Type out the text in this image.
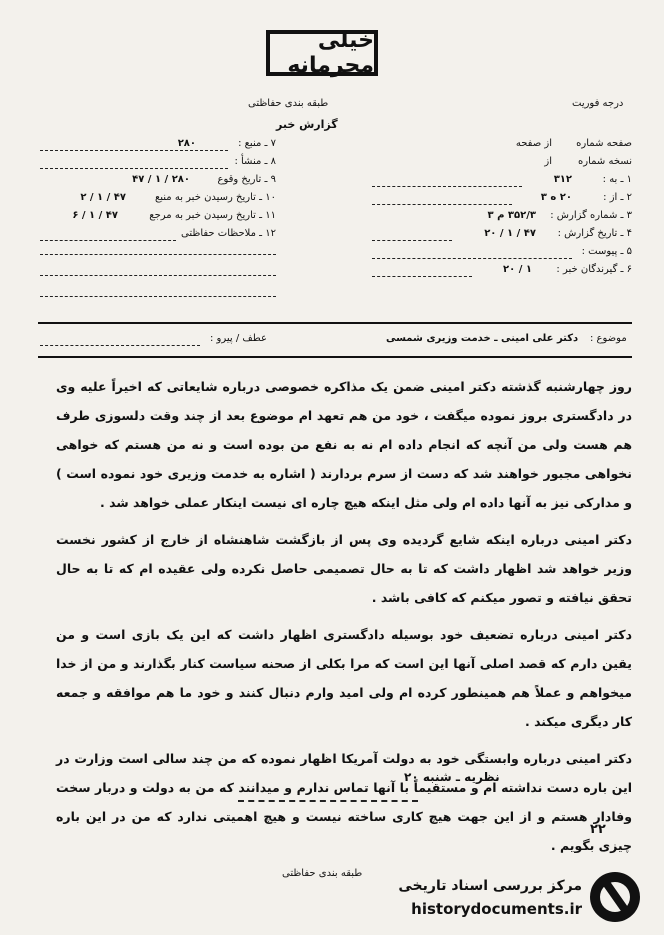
خیلی محرمانه
طبقه بندی حفاظتی	درجه فوریت
گزارش خبر
۷ ـ منبع :
۲۸۰
۸ ـ منشأ :
۹ ـ تاریخ وقوع
۲۸۰ / ۱ / ۴۷
۱۰ ـ تاریخ رسیدن خبر به منبع
۴۷ / ۱ / ۲
۱۱ ـ تاریخ رسیدن خبر به مرجع
۴۷ / ۱ / ۶
۱۲ ـ ملاحظات حفاظتی
صفحه شماره
از صفحه
نسخه شماره
از
۱ ـ به :
۳۱۲
۲ ـ از :
۲۰ ه ۳
۳ ـ شماره گزارش :
۳۵۲/۳ م ۳
۴ ـ تاریخ گزارش :
۴۷ / ۱ / ۲۰
۵ ـ پیوست :
۶ ـ گیرندگان خبر :
۱ / ۲۰
موضوع :
دکتر علی امینی ـ خدمت وزیری شمسی
عطف / پیرو :

روز چهارشنبه گذشته دکتر امینی ضمن یک مذاکره خصوصی درباره شایعاتی که اخیراً علیه وی در دادگستری بروز نموده میگفت ، خود من هم تعهد ام موضوع بعد از چند وقت دلسوزی طرف هم هست ولی من آنچه که انجام داده ام نه به نفع من بوده است و نه من هستم که خواهی نخواهی مجبور خواهند شد که دست از سرم بردارند ( اشاره به خدمت وزیری خود نموده است ) و مدارکی نیز به آنها داده ام ولی مثل اینکه هیچ چاره ای نیست اینکار عملی خواهد شد .

دکتر امینی درباره اینکه شایع گردیده وی پس از بازگشت شاهنشاه از خارج از کشور نخست وزیر خواهد شد اظهار داشت که تا به حال تصمیمی حاصل نکرده ولی عقیده ام که تا به حال تحقق نیافته و تصور میکنم که کافی باشد .

دکتر امینی درباره تضعیف خود بوسیله دادگستری اظهار داشت که این یک بازی است و من یقین دارم که قصد اصلی آنها این است که مرا بکلی از صحنه سیاست کنار بگذارند و من از خدا میخواهم و عملاً هم همینطور کرده ام ولی امید وارم دنبال کنند و خود ما هم موافقه و جمعه کار دیگری میکند .

دکتر امینی درباره وابستگی خود به دولت آمریکا اظهار نموده که من چند سالی است وزارت در این باره دست نداشته ام و مستقیماً با آنها تماس ندارم و میدانند که من به دولت و دربار سخت وفادار هستم و از این جهت هیچ کاری ساخته نیست و هیچ اهمیتی ندارد که من در این باره چیزی بگویم .

نظریه ـ شنبه ۲۰
۲۲
طبقه بندی حفاظتی
مرکز بررسی اسناد تاریخی
historydocuments.ir
